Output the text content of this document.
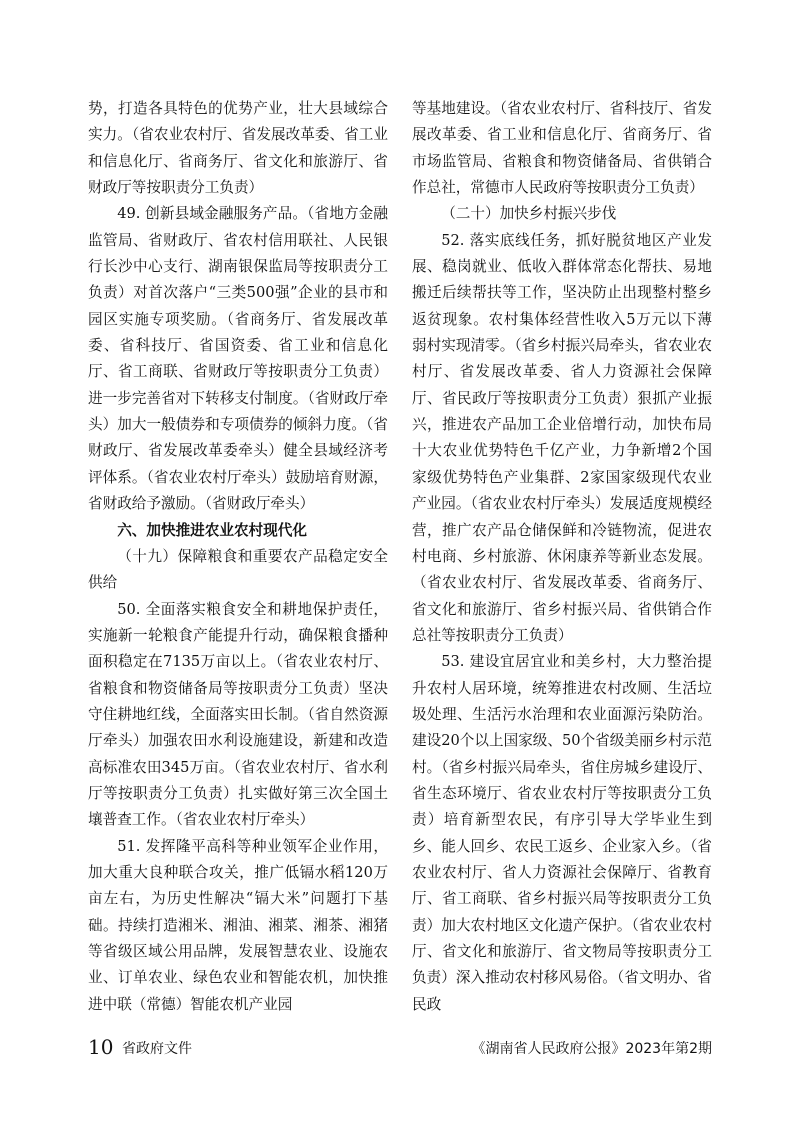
势，打造各具特色的优势产业，壮大县域综合实力。（省农业农村厅、省发展改革委、省工业和信息化厅、省商务厅、省文化和旅游厅、省财政厅等按职责分工负责）

49. 创新县域金融服务产品。（省地方金融监管局、省财政厅、省农村信用联社、人民银行长沙中心支行、湖南银保监局等按职责分工负责）对首次落户“三类500强”企业的县市和园区实施专项奖励。（省商务厅、省发展改革委、省科技厅、省国资委、省工业和信息化厅、省工商联、省财政厅等按职责分工负责）进一步完善省对下转移支付制度。（省财政厅牵头）加大一般债券和专项债券的倾斜力度。（省财政厅、省发展改革委牵头）健全县域经济考评体系。（省农业农村厅牵头）鼓励培育财源，省财政给予激励。（省财政厅牵头）

六、加快推进农业农村现代化

（十九）保障粮食和重要农产品稳定安全供给

50. 全面落实粮食安全和耕地保护责任，实施新一轮粮食产能提升行动，确保粮食播种面积稳定在7135万亩以上。（省农业农村厅、省粮食和物资储备局等按职责分工负责）坚决守住耕地红线，全面落实田长制。（省自然资源厅牵头）加强农田水利设施建设，新建和改造高标准农田345万亩。（省农业农村厅、省水利厅等按职责分工负责）扎实做好第三次全国土壤普查工作。（省农业农村厅牵头）

51. 发挥隆平高科等种业领军企业作用，加大重大良种联合攻关，推广低镉水稻120万亩左右，为历史性解决“镉大米”问题打下基础。持续打造湘米、湘油、湘菜、湘茶、湘猪等省级区域公用品牌，发展智慧农业、设施农业、订单农业、绿色农业和智能农机，加快推进中联（常德）智能农机产业园

等基地建设。（省农业农村厅、省科技厅、省发展改革委、省工业和信息化厅、省商务厅、省市场监管局、省粮食和物资储备局、省供销合作总社，常德市人民政府等按职责分工负责）

（二十）加快乡村振兴步伐

52. 落实底线任务，抓好脱贫地区产业发展、稳岗就业、低收入群体常态化帮扶、易地搬迁后续帮扶等工作，坚决防止出现整村整乡返贫现象。农村集体经营性收入5万元以下薄弱村实现清零。（省乡村振兴局牵头，省农业农村厅、省发展改革委、省人力资源社会保障厅、省民政厅等按职责分工负责）狠抓产业振兴，推进农产品加工企业倍增行动，加快布局十大农业优势特色千亿产业，力争新增2个国家级优势特色产业集群、2家国家级现代农业产业园。（省农业农村厅牵头）发展适度规模经营，推广农产品仓储保鲜和冷链物流，促进农村电商、乡村旅游、休闲康养等新业态发展。（省农业农村厅、省发展改革委、省商务厅、省文化和旅游厅、省乡村振兴局、省供销合作总社等按职责分工负责）

53. 建设宜居宜业和美乡村，大力整治提升农村人居环境，统筹推进农村改厕、生活垃圾处理、生活污水治理和农业面源污染防治。建设20个以上国家级、50个省级美丽乡村示范村。（省乡村振兴局牵头，省住房城乡建设厅、省生态环境厅、省农业农村厅等按职责分工负责）培育新型农民，有序引导大学毕业生到乡、能人回乡、农民工返乡、企业家入乡。（省农业农村厅、省人力资源社会保障厅、省教育厅、省工商联、省乡村振兴局等按职责分工负责）加大农村地区文化遗产保护。（省农业农村厅、省文化和旅游厅、省文物局等按职责分工负责）深入推动农村移风易俗。（省文明办、省民政

10 省政府文件	《湖南省人民政府公报》2023年第2期
